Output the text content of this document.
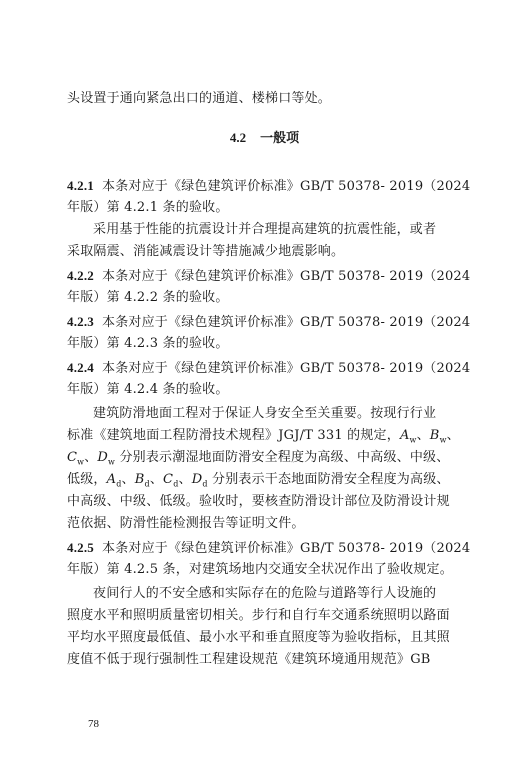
头设置于通向紧急出口的通道、楼梯口等处。
4.2 一般项
4.2.1 本条对应于《绿色建筑评价标准》GB/T 50378- 2019（2024
年版）第 4.2.1 条的验收。
采用基于性能的抗震设计并合理提高建筑的抗震性能，或者
采取隔震、消能减震设计等措施减少地震影响。
4.2.2 本条对应于《绿色建筑评价标准》GB/T 50378- 2019（2024
年版）第 4.2.2 条的验收。
4.2.3 本条对应于《绿色建筑评价标准》GB/T 50378- 2019（2024
年版）第 4.2.3 条的验收。
4.2.4 本条对应于《绿色建筑评价标准》GB/T 50378- 2019（2024
年版）第 4.2.4 条的验收。
建筑防滑地面工程对于保证人身安全至关重要。按现行行业
标准《建筑地面工程防滑技术规程》JGJ/T 331 的规定，$A_w$、$B_w$、
$C_w$、$D_w$ 分别表示潮湿地面防滑安全程度为高级、中高级、中级、
低级，$A_d$、$B_d$、$C_d$、$D_d$ 分别表示干态地面防滑安全程度为高级、
中高级、中级、低级。验收时，要核查防滑设计部位及防滑设计规
范依据、防滑性能检测报告等证明文件。
4.2.5 本条对应于《绿色建筑评价标准》GB/T 50378- 2019（2024
年版）第 4.2.5 条，对建筑场地内交通安全状况作出了验收规定。
夜间行人的不安全感和实际存在的危险与道路等行人设施的
照度水平和照明质量密切相关。步行和自行车交通系统照明以路面
平均水平照度最低值、最小水平和垂直照度等为验收指标，且其照
度值不低于现行强制性工程建设规范《建筑环境通用规范》GB
78
